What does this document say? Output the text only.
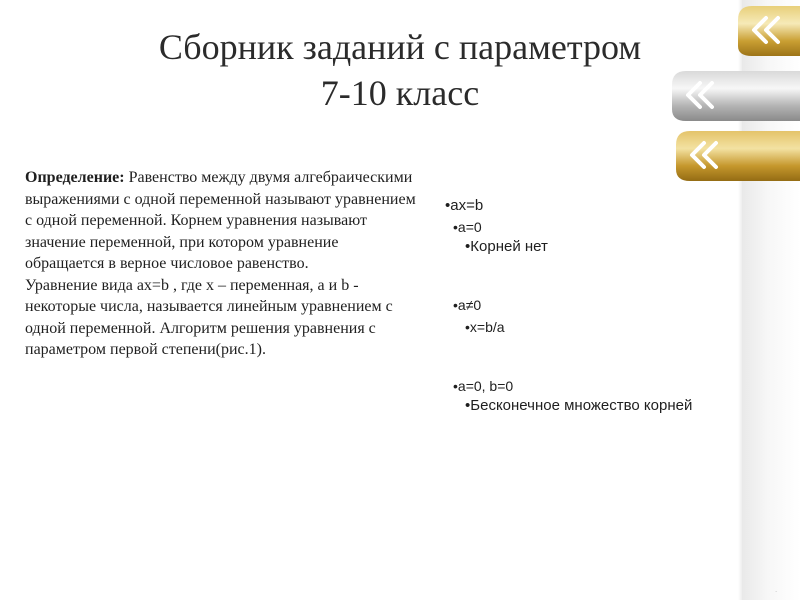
Сборник заданий с параметром
7-10 класс

Определение: Равенство между двумя алгебраическими выражениями с одной переменной называют уравнением с одной переменной. Корнем уравнения называют значение переменной, при котором уравнение обращается в верное числовое равенство.

Уравнение вида ax=b , где x – переменная, a и b - некоторые числа, называется линейным уравнением с одной переменной. Алгоритм решения уравнения с параметром первой степени(рис.1).

•ax=b
•a=0
•Корней нет
•a≠0
•x=b/a
•a=0, b=0
•Бесконечное множество корней
.
